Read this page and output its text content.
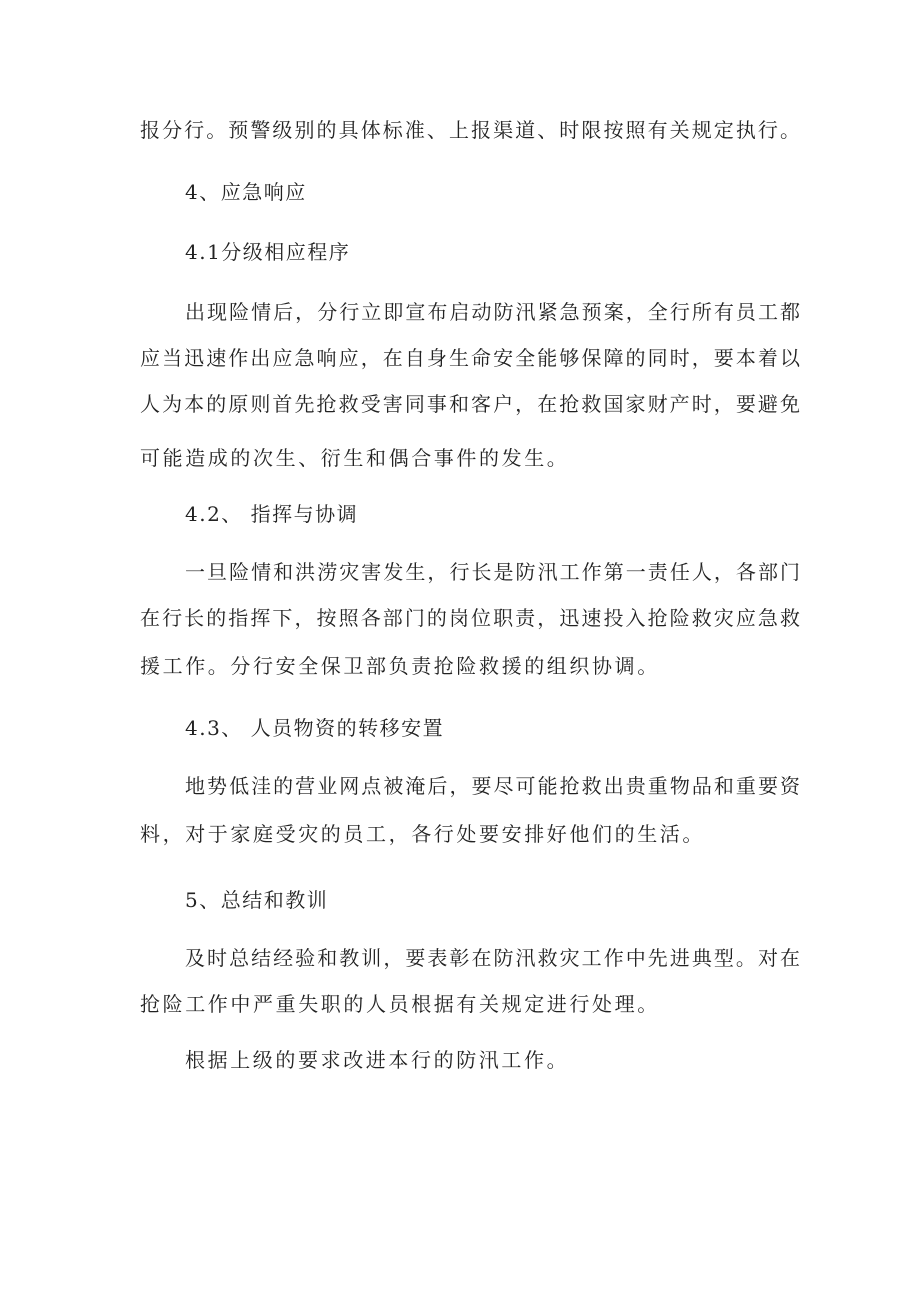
报分行。预警级别的具体标准、上报渠道、时限按照有关规定执行。
4、应急响应
4.1分级相应程序
出现险情后，分行立即宣布启动防汛紧急预案，全行所有员工都
应当迅速作出应急响应，在自身生命安全能够保障的同时，要本着以
人为本的原则首先抢救受害同事和客户，在抢救国家财产时，要避免
可能造成的次生、衍生和偶合事件的发生。
4.2、 指挥与协调
一旦险情和洪涝灾害发生，行长是防汛工作第一责任人，各部门
在行长的指挥下，按照各部门的岗位职责，迅速投入抢险救灾应急救
援工作。分行安全保卫部负责抢险救援的组织协调。
4.3、 人员物资的转移安置
地势低洼的营业网点被淹后，要尽可能抢救出贵重物品和重要资
料，对于家庭受灾的员工，各行处要安排好他们的生活。
5、总结和教训
及时总结经验和教训，要表彰在防汛救灾工作中先进典型。对在
抢险工作中严重失职的人员根据有关规定进行处理。
根据上级的要求改进本行的防汛工作。
